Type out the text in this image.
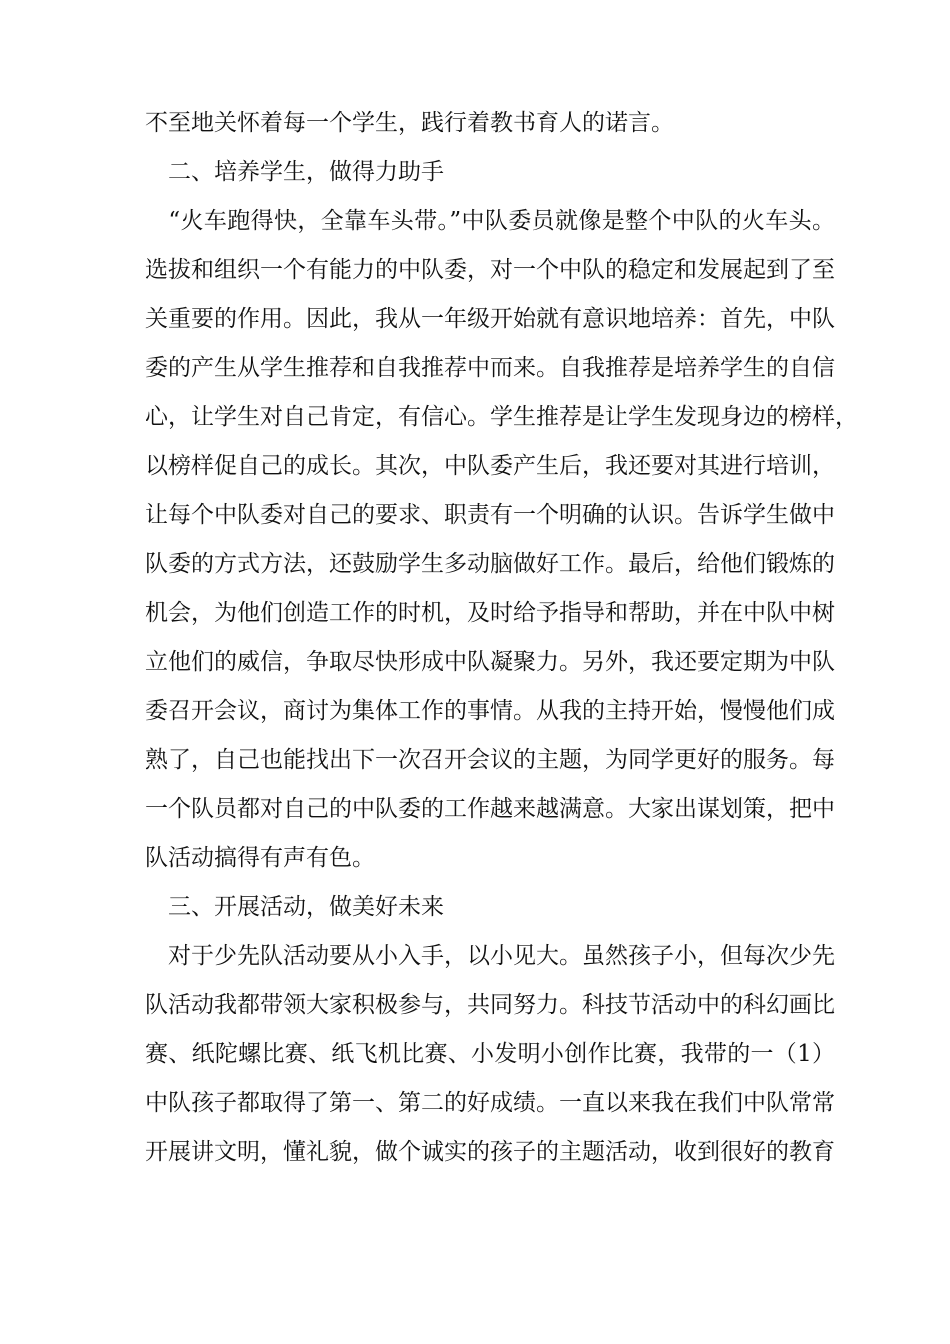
不至地关怀着每一个学生，践行着教书育人的诺言。
　二、培养学生，做得力助手
　“火车跑得快，全靠车头带。”中队委员就像是整个中队的火车头。
选拔和组织一个有能力的中队委，对一个中队的稳定和发展起到了至
关重要的作用。因此，我从一年级开始就有意识地培养：首先，中队
委的产生从学生推荐和自我推荐中而来。自我推荐是培养学生的自信
心，让学生对自己肯定，有信心。学生推荐是让学生发现身边的榜样，
以榜样促自己的成长。其次，中队委产生后，我还要对其进行培训，
让每个中队委对自己的要求、职责有一个明确的认识。告诉学生做中
队委的方式方法，还鼓励学生多动脑做好工作。最后，给他们锻炼的
机会，为他们创造工作的时机，及时给予指导和帮助，并在中队中树
立他们的威信，争取尽快形成中队凝聚力。另外，我还要定期为中队
委召开会议，商讨为集体工作的事情。从我的主持开始，慢慢他们成
熟了，自己也能找出下一次召开会议的主题，为同学更好的服务。每
一个队员都对自己的中队委的工作越来越满意。大家出谋划策，把中
队活动搞得有声有色。
　三、开展活动，做美好未来
　对于少先队活动要从小入手，以小见大。虽然孩子小，但每次少先
队活动我都带领大家积极参与，共同努力。科技节活动中的科幻画比
赛、纸陀螺比赛、纸飞机比赛、小发明小创作比赛，我带的一（1）
中队孩子都取得了第一、第二的好成绩。一直以来我在我们中队常常
开展讲文明，懂礼貌，做个诚实的孩子的主题活动，收到很好的教育
